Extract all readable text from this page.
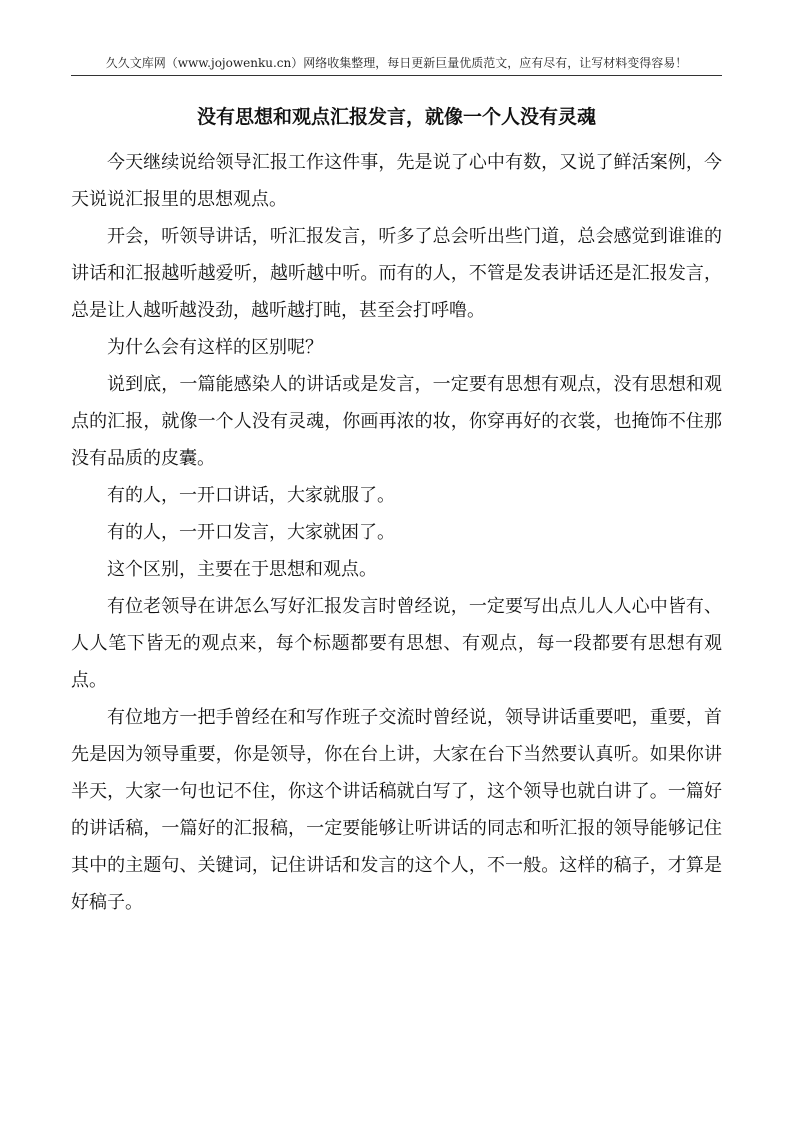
久久文库网（www.jojowenku.cn）网络收集整理，每日更新巨量优质范文，应有尽有，让写材料变得容易！
没有思想和观点汇报发言，就像一个人没有灵魂

今天继续说给领导汇报工作这件事，先是说了心中有数，又说了鲜活案例，今天说说汇报里的思想观点。

开会，听领导讲话，听汇报发言，听多了总会听出些门道，总会感觉到谁谁的讲话和汇报越听越爱听，越听越中听。而有的人，不管是发表讲话还是汇报发言，总是让人越听越没劲，越听越打盹，甚至会打呼噜。

为什么会有这样的区别呢？

说到底，一篇能感染人的讲话或是发言，一定要有思想有观点，没有思想和观点的汇报，就像一个人没有灵魂，你画再浓的妆，你穿再好的衣裳，也掩饰不住那没有品质的皮囊。

有的人，一开口讲话，大家就服了。

有的人，一开口发言，大家就困了。

这个区别，主要在于思想和观点。

有位老领导在讲怎么写好汇报发言时曾经说，一定要写出点儿人人心中皆有、人人笔下皆无的观点来，每个标题都要有思想、有观点，每一段都要有思想有观点。

有位地方一把手曾经在和写作班子交流时曾经说，领导讲话重要吧，重要，首先是因为领导重要，你是领导，你在台上讲，大家在台下当然要认真听。如果你讲半天，大家一句也记不住，你这个讲话稿就白写了，这个领导也就白讲了。一篇好的讲话稿，一篇好的汇报稿，一定要能够让听讲话的同志和听汇报的领导能够记住其中的主题句、关键词，记住讲话和发言的这个人，不一般。这样的稿子，才算是好稿子。
